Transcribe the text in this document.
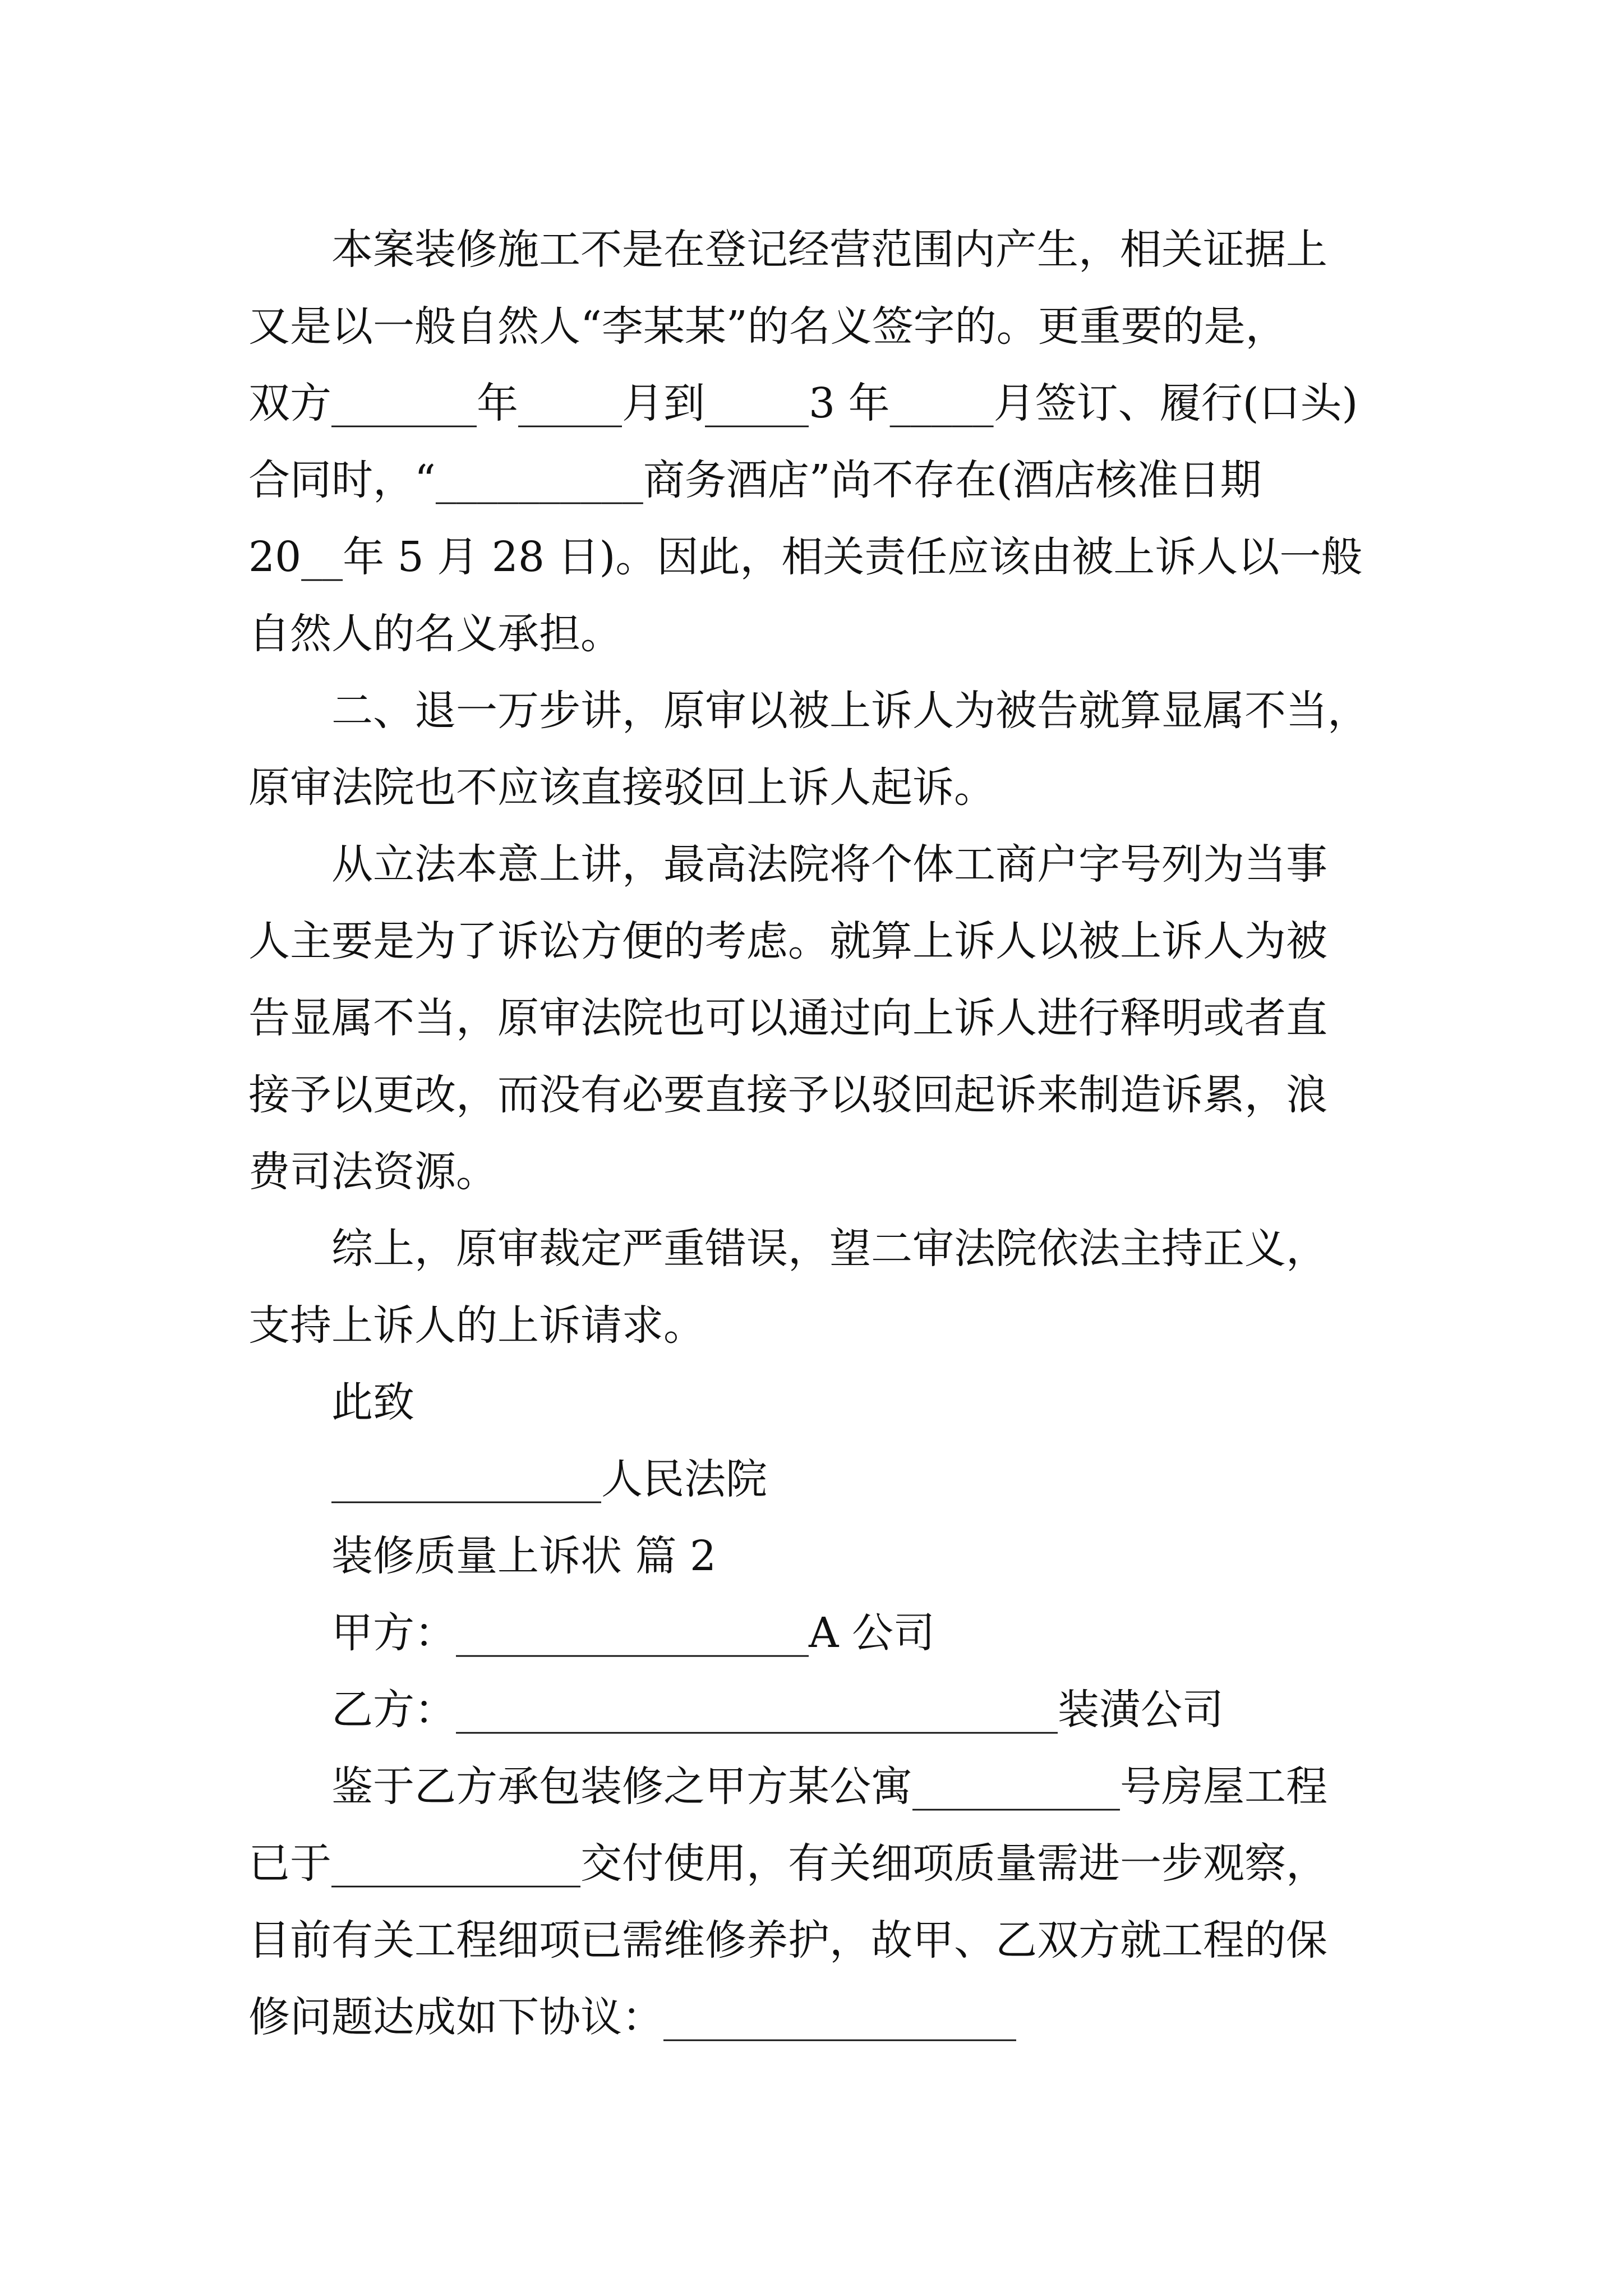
本案装修施工不是在登记经营范围内产生，相关证据上
又是以一般自然人“李某某”的名义签字的。更重要的是，
双方_______年_____月到_____3 年_____月签订、履行(口头)
合同时，“__________商务酒店”尚不存在(酒店核准日期
20__年 5 月 28 日)。因此，相关责任应该由被上诉人以一般
自然人的名义承担。
二、退一万步讲，原审以被上诉人为被告就算显属不当，
原审法院也不应该直接驳回上诉人起诉。
从立法本意上讲，最高法院将个体工商户字号列为当事
人主要是为了诉讼方便的考虑。就算上诉人以被上诉人为被
告显属不当，原审法院也可以通过向上诉人进行释明或者直
接予以更改，而没有必要直接予以驳回起诉来制造诉累，浪
费司法资源。
综上，原审裁定严重错误，望二审法院依法主持正义，
支持上诉人的上诉请求。
此致
_____________人民法院
装修质量上诉状 篇 2
甲方：_________________A 公司
乙方：_____________________________装潢公司
鉴于乙方承包装修之甲方某公寓__________号房屋工程
已于____________交付使用，有关细项质量需进一步观察，
目前有关工程细项已需维修养护，故甲、乙双方就工程的保
修问题达成如下协议：_________________
